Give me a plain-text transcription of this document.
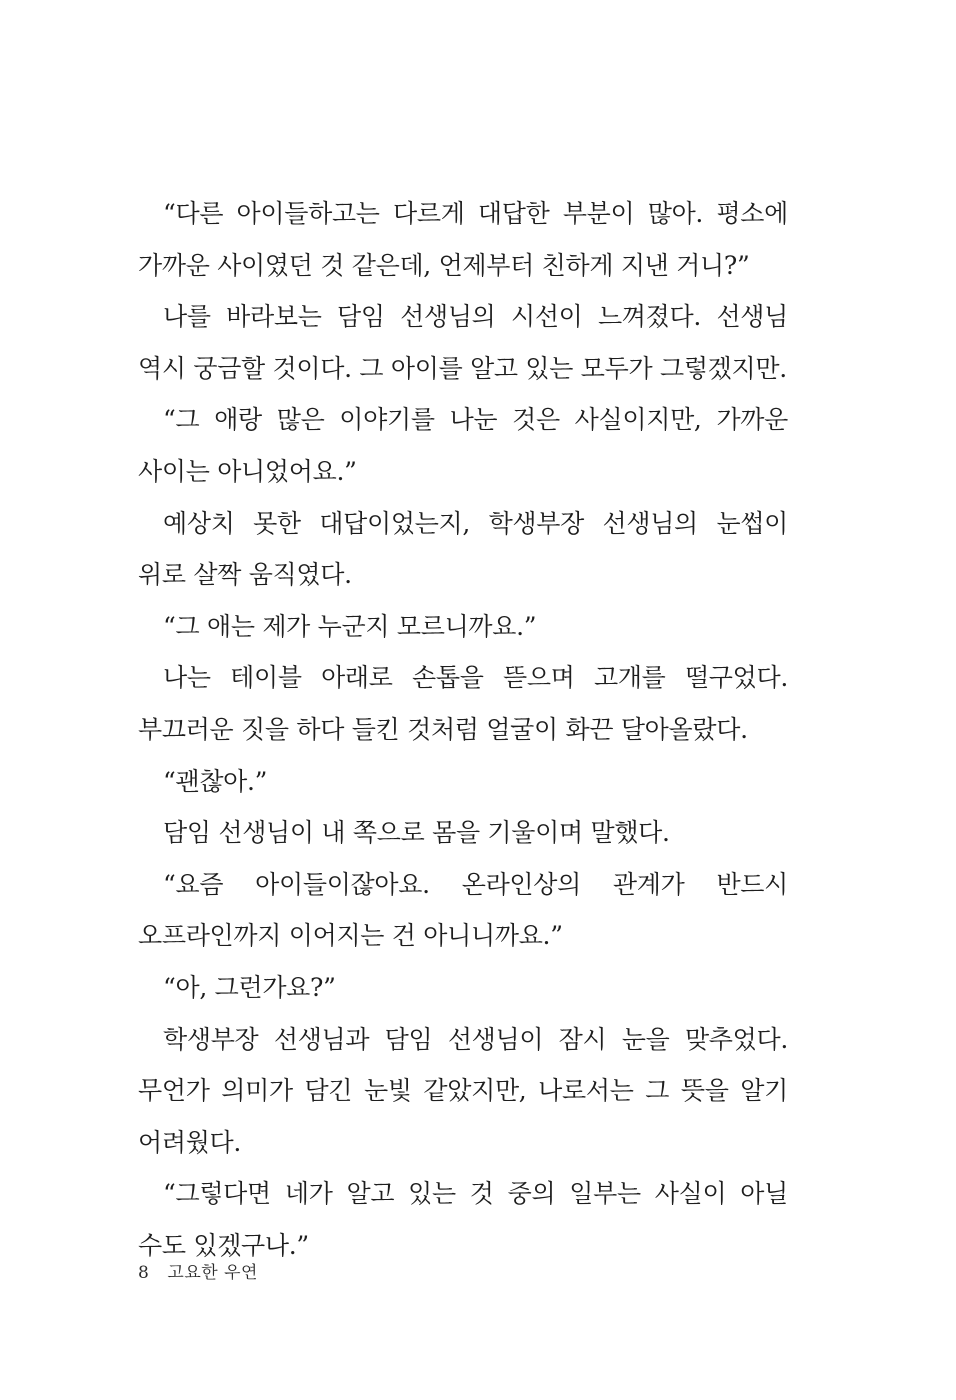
“다른 아이들하고는 다르게 대답한 부분이 많아. 평소에 가까운 사이였던 것 같은데, 언제부터 친하게 지낸 거니?”

나를 바라보는 담임 선생님의 시선이 느껴졌다. 선생님 역시 궁금할 것이다. 그 아이를 알고 있는 모두가 그렇겠지만.

“그 애랑 많은 이야기를 나눈 것은 사실이지만, 가까운 사이는 아니었어요.”

예상치 못한 대답이었는지, 학생부장 선생님의 눈썹이 위로 살짝 움직였다.

“그 애는 제가 누군지 모르니까요.”

나는 테이블 아래로 손톱을 뜯으며 고개를 떨구었다. 부끄러운 짓을 하다 들킨 것처럼 얼굴이 화끈 달아올랐다.

“괜찮아.”

담임 선생님이 내 쪽으로 몸을 기울이며 말했다.

“요즘 아이들이잖아요. 온라인상의 관계가 반드시 오프라인까지 이어지는 건 아니니까요.”

“아, 그런가요?”

학생부장 선생님과 담임 선생님이 잠시 눈을 맞추었다. 무언가 의미가 담긴 눈빛 같았지만, 나로서는 그 뜻을 알기 어려웠다.

“그렇다면 네가 알고 있는 것 중의 일부는 사실이 아닐 수도 있겠구나.”

8 고요한 우연
